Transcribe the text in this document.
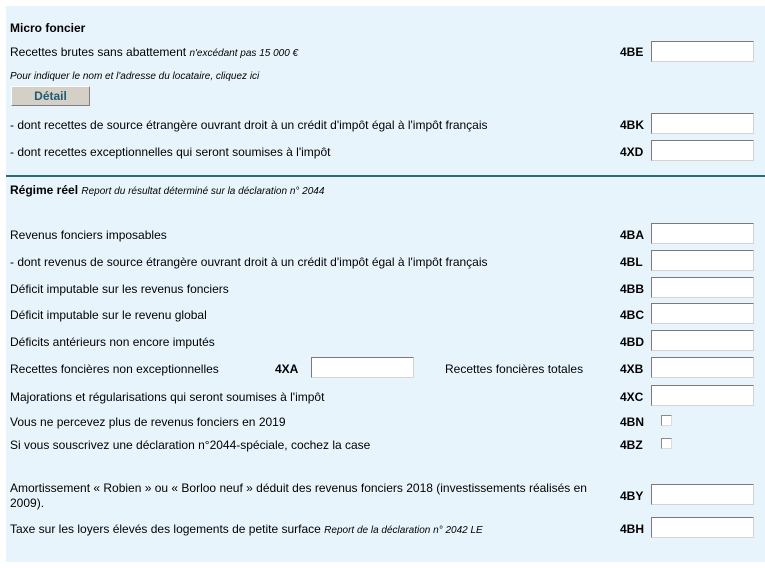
Micro foncier
Recettes brutes sans abattement n'excédant pas 15 000 €	4BE
Pour indiquer le nom et l'adresse du locataire, cliquez ici
Détail
- dont recettes de source étrangère ouvrant droit à un crédit d'impôt égal à l'impôt français	4BK
- dont recettes exceptionnelles qui seront soumises à l'impôt	4XD
Régime réel Report du résultat déterminé sur la déclaration n° 2044
Revenus fonciers imposables	4BA
- dont revenus de source étrangère ouvrant droit à un crédit d'impôt égal à l'impôt français	4BL
Déficit imputable sur les revenus fonciers	4BB
Déficit imputable sur le revenu global	4BC
Déficits antérieurs non encore imputés	4BD
Recettes foncières non exceptionnelles	4XA	Recettes foncières totales	4XB
Majorations et régularisations qui seront soumises à l'impôt	4XC
Vous ne percevez plus de revenus fonciers en 2019	4BN
Si vous souscrivez une déclaration n°2044-spéciale, cochez la case	4BZ
Amortissement « Robien » ou « Borloo neuf » déduit des revenus fonciers 2018 (investissements réalisés en 2009).	4BY
Taxe sur les loyers élevés des logements de petite surface Report de la déclaration n° 2042 LE	4BH
